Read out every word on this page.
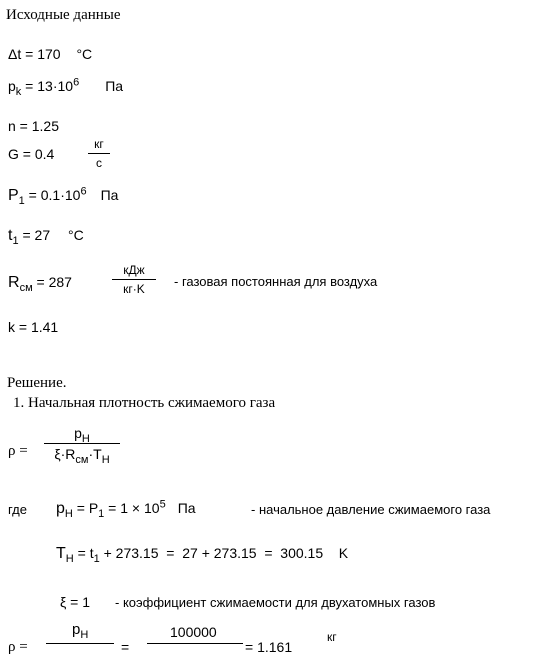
Исходные данные
Δt = 170 °C
$p_k = 13\cdot 10^6$ Па
n = 1.25
G = 0.4
кг
с
$P_1 = 0.1\cdot 10^6$ Па
$t_1 = 27$ °C
$R_{см} = 287$
кДж
кг·K	- газовая постоянная для воздуха
k = 1.41
Решение.
1. Начальная плотность сжимаемого газа
ρ =
$p_H$
$\xi\cdot R_{см}\cdot T_H$
где $p_H = P_1 = 1 \times 10^5$ Па	- начальное давление сжимаемого газа
$T_H = t_1 + 273.15 = 27 + 273.15 = 300.15$    K
ξ = 1 - коэффициент сжимаемости для двухатомных газов
ρ =
$p_H$
=
100000
= 1.161
кг
